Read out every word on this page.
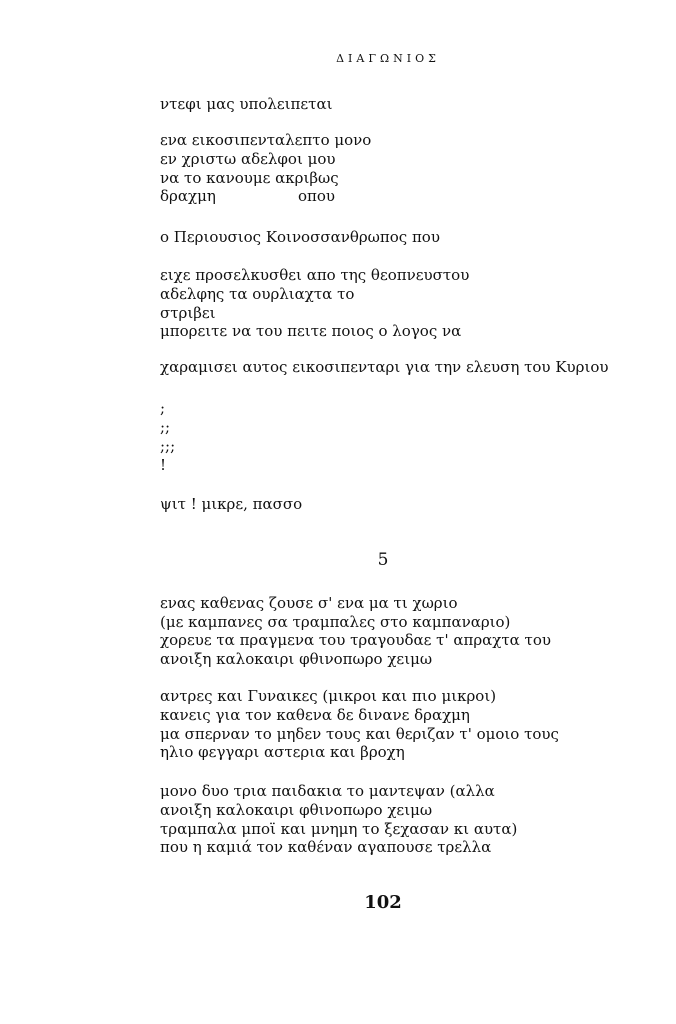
ΔΙΑΓΩΝΙΟΣ
ντεφι μας υπολειπεται
ενα εικοσιπενταλεπτο μονο
εν χριστω αδελφοι μου
να το κανουμε ακριβως
δραχμη	οπου
ο Περιουσιος Κοινοσσανθρωπος που
ειχε προσελκυσθει απο της θεοπνευστου
αδελφης τα ουρλιαχτα το
στριβει
μπορειτε να του πειτε ποιος ο λογος να
χαραμισει αυτος εικοσιπενταρι για την ελευση του Κυριου
;
;;
;;;
!
ψιτ ! μικρε, πασσο
5
ενας καθενας ζουσε σ' ενα μα τι χωριο
(με καμπανες σα τραμπαλες στο καμπαναριο)
χορευε τα πραγμενα του τραγουδαε τ' απραχτα του
ανοιξη καλοκαιρι φθινοπωρο χειμω
αντρες και Γυναικες (μικροι και πιο μικροι)
κανεις για τον καθενα δε δινανε δραχμη
μα σπερναν το μηδεν τους και θεριζαν τ' ομοιο τους
ηλιο φεγγαρι αστερια και βροχη
μονο δυο τρια παιδακια το μαντεψαν (αλλα
ανοιξη καλοκαιρι φθινοπωρο χειμω
τραμπαλα μποϊ και μνημη το ξεχασαν κι αυτα)
που η καμιά τον καθέναν αγαπουσε τρελλα
102
